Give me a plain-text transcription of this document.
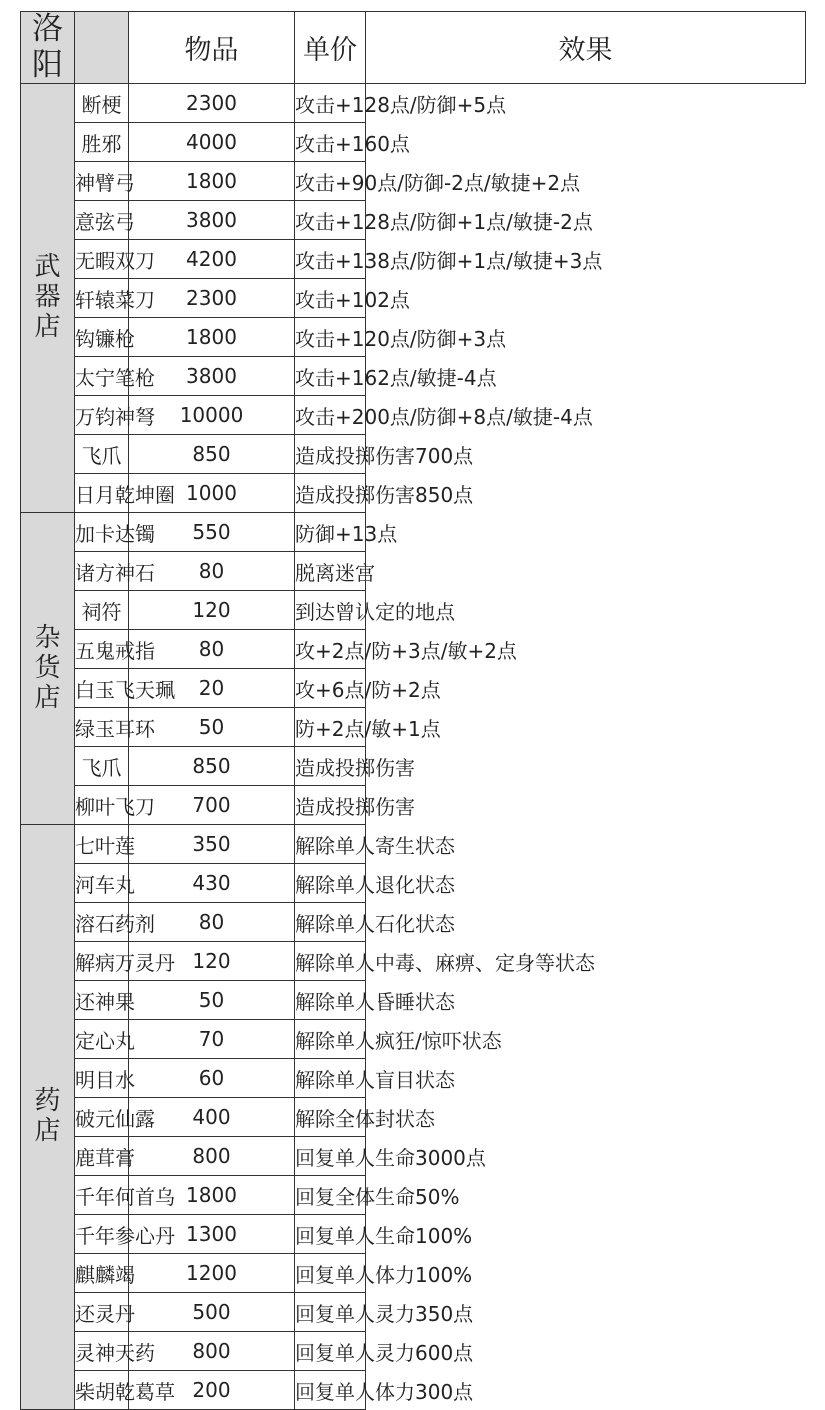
洛阳		物品	单价	效果
武器店	断梗	2300	攻击+128点/防御+5点	
	胜邪	4000	攻击+160点	
	神臂弓	1800	攻击+90点/防御-2点/敏捷+2点	
	意弦弓	3800	攻击+128点/防御+1点/敏捷-2点	
	无暇双刀	4200	攻击+138点/防御+1点/敏捷+3点	
	轩辕菜刀	2300	攻击+102点	
	钩镰枪	1800	攻击+120点/防御+3点	
	太宁笔枪	3800	攻击+162点/敏捷-4点	
	万钧神弩	10000	攻击+200点/防御+8点/敏捷-4点	
	飞爪	850	造成投掷伤害700点	
	日月乾坤圈	1000	造成投掷伤害850点	
杂货店	加卡达镯	550	防御+13点	
	诸方神石	80	脱离迷宫	
	祠符	120	到达曾认定的地点	
	五鬼戒指	80	攻+2点/防+3点/敏+2点	
	白玉飞天珮	20	攻+6点/防+2点	
	绿玉耳环	50	防+2点/敏+1点	
	飞爪	850	造成投掷伤害	
	柳叶飞刀	700	造成投掷伤害	
药店	七叶莲	350	解除单人寄生状态	
	河车丸	430	解除单人退化状态	
	溶石药剂	80	解除单人石化状态	
	解病万灵丹	120	解除单人中毒、麻痹、定身等状态	
	还神果	50	解除单人昏睡状态	
	定心丸	70	解除单人疯狂/惊吓状态	
	明目水	60	解除单人盲目状态	
	破元仙露	400	解除全体封状态	
	鹿茸膏	800	回复单人生命3000点	
	千年何首乌	1800	回复全体生命50%	
	千年参心丹	1300	回复单人生命100%	
	麒麟竭	1200	回复单人体力100%	
	还灵丹	500	回复单人灵力350点	
	灵神天药	800	回复单人灵力600点	
	柴胡乾葛草	200	回复单人体力300点	
